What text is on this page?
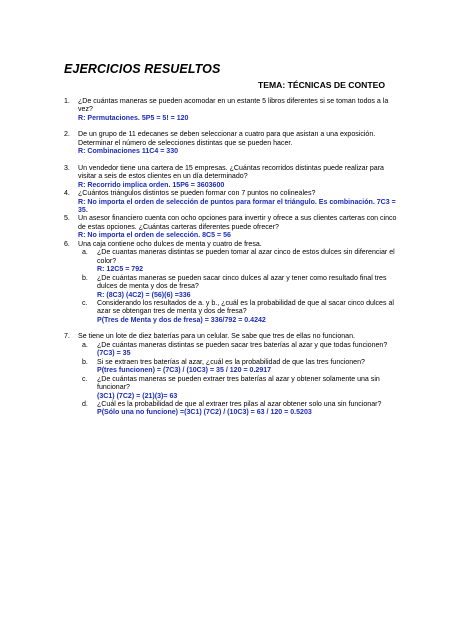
EJERCICIOS RESUELTOS
TEMA: TÉCNICAS DE CONTEO
1. ¿De cuántas maneras se pueden acomodar en un estante 5 libros diferentes si se toman todos a la vez?
R: Permutaciones. 5P5 = 5! = 120
2. De un grupo de 11 edecanes se deben seleccionar a cuatro para que asistan a una exposición. Determinar el número de selecciones distintas que se pueden hacer.
R: Combinaciones 11C4 = 330
3. Un vendedor tiene una cartera de 15 empresas. ¿Cuántas recorridos distintas puede realizar para visitar a seis de estos clientes en un día determinado?
R: Recorrido implica orden. 15P6 = 3603600
4. ¿Cuántos triángulos distintos se pueden formar con 7 puntos no colineales?
R: No importa el orden de selección de puntos para formar el triángulo. Es combinación. 7C3 = 35.
5. Un asesor financiero cuenta con ocho opciones para invertir y ofrece a sus clientes carteras con cinco de estas opciones. ¿Cuántas carteras diferentes puede ofrecer?
R: No importa el orden de selección. 8C5 = 56
6. Una caja contiene ocho dulces de menta y cuatro de fresa.
a. ¿De cuantas maneras distintas se pueden tomar al azar cinco de estos dulces sin diferenciar el color?
R: 12C5 = 792
b. ¿De cuántas maneras se pueden sacar cinco dulces al azar y tener como resultado final tres dulces de menta y dos de fresa?
R: (8C3) (4C2) = (56)(6) =336
c. Considerando los resultados de a. y b., ¿cuál es la probabilidad de que al sacar cinco dulces al azar se obtengan tres de menta y dos de fresa?
P(Tres de Menta y dos de fresa) = 336/792 = 0.4242
7. Se tiene un lote de diez baterías para un celular. Se sabe que tres de ellas no funcionan.
a. ¿De cuántas maneras distintas se pueden sacar tres baterías al azar y que todas funcionen?
(7C3) = 35
b. Si se extraen tres baterías al azar, ¿cuál es la probabilidad de que las tres funcionen?
P(tres funcionen) = (7C3) / (10C3) = 35 / 120 = 0.2917
c. ¿De cuántas maneras se pueden extraer tres baterías al azar y obtener solamente una sin funcionar?
(3C1) (7C2) = (21)(3)= 63
d. ¿Cuál es la probabilidad de que al extraer tres pilas al azar obtener solo una sin funcionar?
P(Sólo una no funcione) =(3C1) (7C2) / (10C3) = 63 / 120 = 0.5203
